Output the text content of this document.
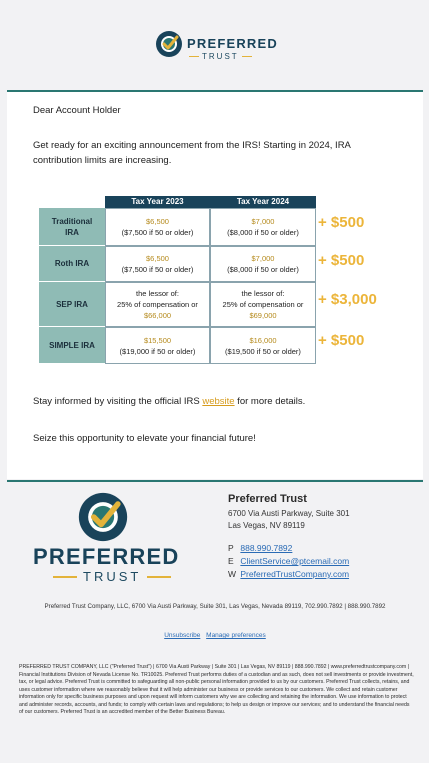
PREFERRED
TRUST
Dear Account Holder
Get ready for an exciting announcement from the IRS! Starting in 2024, IRA contribution limits are increasing.
Tax Year 2023	Tax Year 2024
Traditional IRA
$6,500
($7,500 if 50 or older)
$7,000
($8,000 if 50 or older)
+ $500
Roth IRA
$6,500
($7,500 if 50 or older)
$7,000
($8,000 if 50 or older)
+ $500
SEP IRA
the lessor of:
25% of compensation or
$66,000
the lessor of:
25% of compensation or
$69,000
+ $3,000
SIMPLE IRA
$15,500
($19,000 if 50 or older)
$16,000
($19,500 if 50 or older)
+ $500
Stay informed by visiting the official IRS website for more details.
Seize this opportunity to elevate your financial future!
PREFERRED
TRUST
Preferred Trust
6700 Via Austi Parkway, Suite 301
Las Vegas, NV 89119
P 888.990.7892
E ClientService@ptcemail.com
W PreferredTrustCompany.com
Preferred Trust Company, LLC, 6700 Via Austi Parkway, Suite 301, Las Vegas, Nevada 89119, 702.990.7892 | 888.990.7892
Unsubscribe Manage preferences
PREFERRED TRUST COMPANY, LLC ("Preferred Trust") | 6700 Via Austi Parkway | Suite 301 | Las Vegas, NV 89119 | 888.990.7892 | www.preferredtrustcompany.com | Financial Institutions Division of Nevada License No. TR10025. Preferred Trust performs duties of a custodian and as such, does not sell investments or provide investment, tax, or legal advice. Preferred Trust is committed to safeguarding all non-public personal information provided to us by our customers. Preferred Trust collects, retains, and uses customer information where we reasonably believe that it will help administer our business or provide services to our customers. We collect and retain customer information only for specific business purposes and upon request will inform customers why we are collecting and retaining the information. We use information to protect and administer records, accounts, and funds; to comply with certain laws and regulations; to help us design or improve our services; and to understand the financial needs of our customers. Preferred Trust is an accredited member of the Better Business Bureau.
